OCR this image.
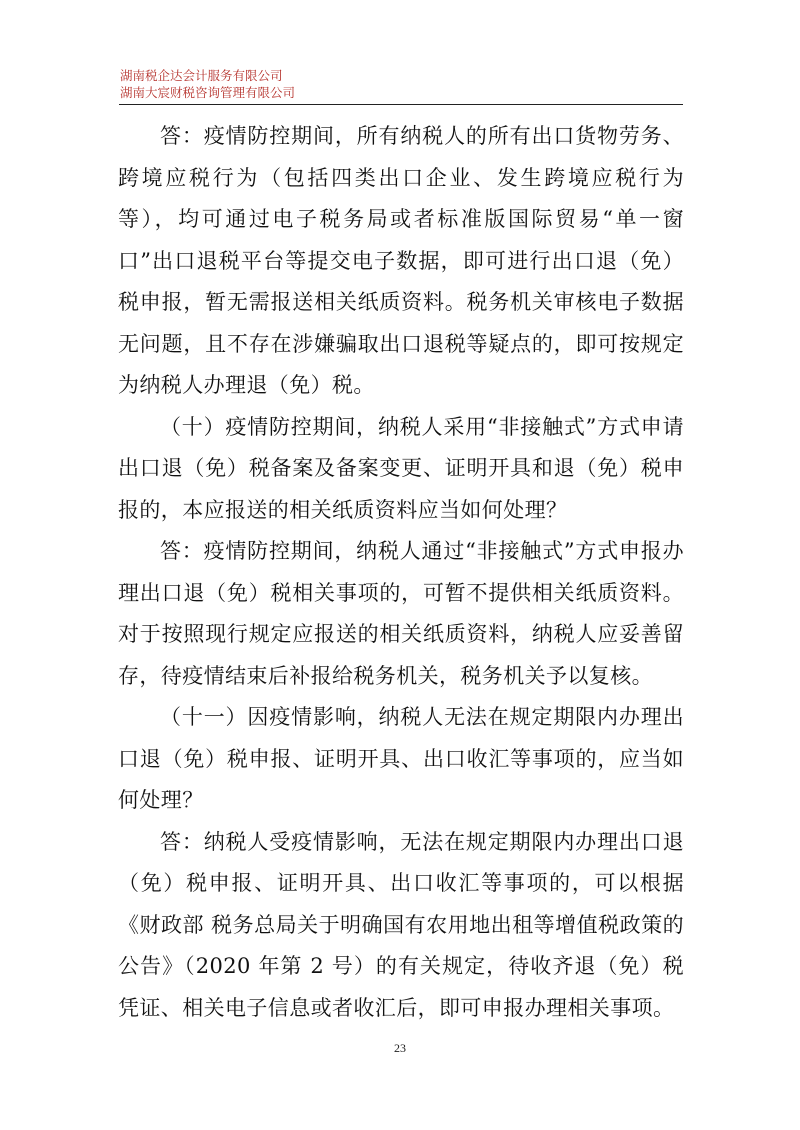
湖南税企达会计服务有限公司
湖南大宸财税咨询管理有限公司

答：疫情防控期间，所有纳税人的所有出口货物劳务、跨境应税行为（包括四类出口企业、发生跨境应税行为等），均可通过电子税务局或者标准版国际贸易“单一窗口”出口退税平台等提交电子数据，即可进行出口退（免）税申报，暂无需报送相关纸质资料。税务机关审核电子数据无问题，且不存在涉嫌骗取出口退税等疑点的，即可按规定为纳税人办理退（免）税。

（十）疫情防控期间，纳税人采用“非接触式”方式申请出口退（免）税备案及备案变更、证明开具和退（免）税申报的，本应报送的相关纸质资料应当如何处理？

答：疫情防控期间，纳税人通过“非接触式”方式申报办理出口退（免）税相关事项的，可暂不提供相关纸质资料。对于按照现行规定应报送的相关纸质资料，纳税人应妥善留存，待疫情结束后补报给税务机关，税务机关予以复核。

（十一）因疫情影响，纳税人无法在规定期限内办理出口退（免）税申报、证明开具、出口收汇等事项的，应当如何处理？

答：纳税人受疫情影响，无法在规定期限内办理出口退（免）税申报、证明开具、出口收汇等事项的，可以根据《财政部 税务总局关于明确国有农用地出租等增值税政策的公告》（2020 年第 2 号）的有关规定，待收齐退（免）税凭证、相关电子信息或者收汇后，即可申报办理相关事项。

23
